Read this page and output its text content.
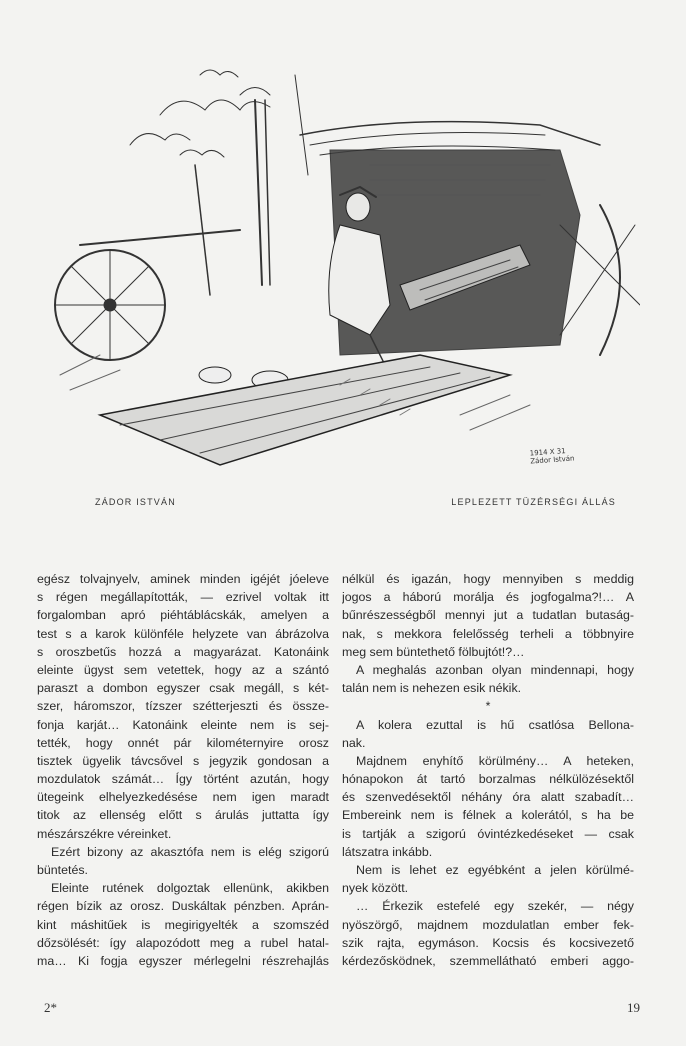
1914 X 31
Zádor István
ZÁDOR ISTVÁN	LEPLEZETT TÜZÉRSÉGI ÁLLÁS
egész tolvajnyelv, aminek minden igéjét jóeleve
s régen megállapították, — ezrivel voltak itt
forgalomban apró piéhtáblácskák, amelyen a
test s a karok különféle helyzete van ábrázolva
s oroszbetűs hozzá a magyarázat. Katonáink
eleinte ügyst sem vetettek, hogy az a szántó
paraszt a dombon egyszer csak megáll, s két-
szer, háromszor, tízszer szétterjeszti és össze-
fonja karját… Katonáink eleinte nem is sej-
tették, hogy onnét pár kilométernyire orosz
tisztek ügyelik távcsővel s jegyzik gondosan a
mozdulatok számát… Így történt azután, hogy
ütegeink elhelyezkedésése nem igen maradt
titok az ellenség előtt s árulás juttatta így
mészárszékre véreinket.
Ezért bizony az akasztófa nem is elég szigorú
büntetés.
Eleinte rutének dolgoztak ellenünk, akikben
régen bízik az orosz. Duskáltak pénzben. Aprán-
kint máshitűek is megirigyelték a szomszéd
dőzsölését: így alapozódott meg a rubel hatal-
ma… Ki fogja egyszer mérlegelni részrehajlás
nélkül és igazán, hogy mennyiben s meddig
jogos a háború morálja és jogfogalma?!… A
bűnrészességből mennyi jut a tudatlan butaság-
nak, s mekkora felelősség terheli a többnyire
meg sem büntethető fölbujtót!?…
A meghalás azonban olyan mindennapi, hogy
talán nem is nehezen esik nékik.
*
A kolera ezuttal is hű csatlósa Bellona-
nak.
Majdnem enyhítő körülmény… A heteken,
hónapokon át tartó borzalmas nélkülözésektől
és szenvedésektől néhány óra alatt szabadít…
Embereink nem is félnek a kolerától, s ha be
is tartják a szigorú óvintézkedéseket — csak
látszatra inkább.
Nem is lehet ez egyébként a jelen körülmé-
nyek között.
… Érkezik estefelé egy szekér, — négy
nyöszörgő, majdnem mozdulatlan ember fek-
szik rajta, egymáson. Kocsis és kocsivezető
kérdezősködnek, szemmellátható emberi aggo-
2*	19
